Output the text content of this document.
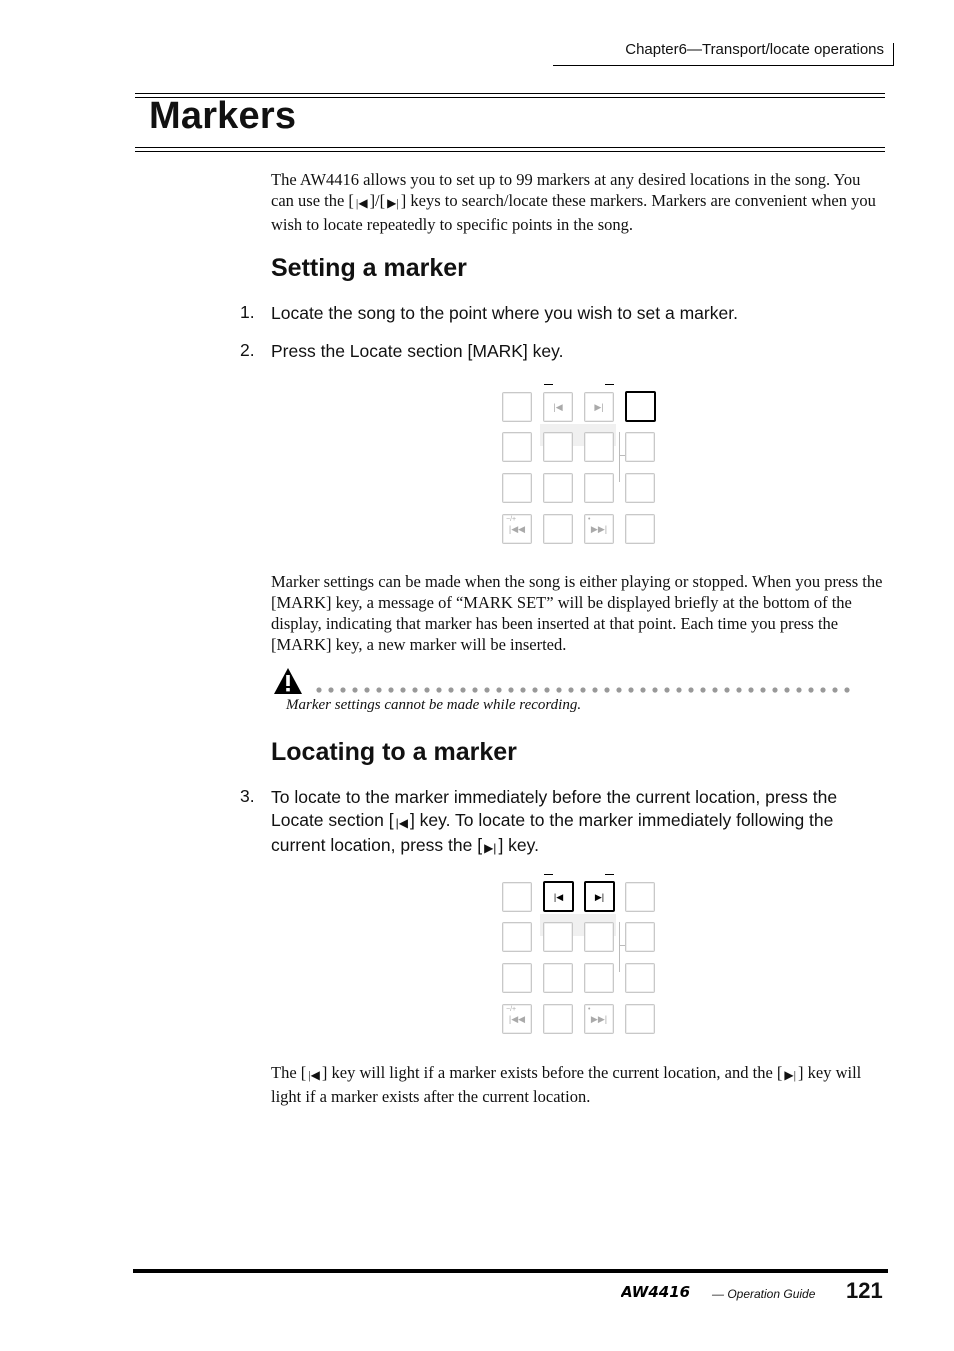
Chapter6—Transport/locate operations
Markers
The AW4416 allows you to set up to 99 markers at any desired locations in the song. You can use the [ |◀ ]/[ ▶| ] keys to search/locate these markers. Markers are convenient when you wish to locate repeatedly to specific points in the song.
Setting a marker
1. Locate the song to the point where you wish to set a marker.
2. Press the Locate section [MARK] key.
|◀	▶|
−/+
|◀◀
•
▶▶|
Marker settings can be made when the song is either playing or stopped. When you press the [MARK] key, a message of “MARK SET” will be displayed briefly at the bottom of the display, indicating that marker has been inserted at that point. Each time you press the [MARK] key, a new marker will be inserted.
Marker settings cannot be made while recording.
Locating to a marker
3. To locate to the marker immediately before the current location, press the Locate section [ |◀ ] key. To locate to the marker immediately following the current location, press the [ ▶| ] key.
|◀	▶|
−/+
|◀◀
•
▶▶|
The [ |◀ ] key will light if a marker exists before the current location, and the [ ▶| ] key will light if a marker exists after the current location.
AW4416 — Operation Guide 121
